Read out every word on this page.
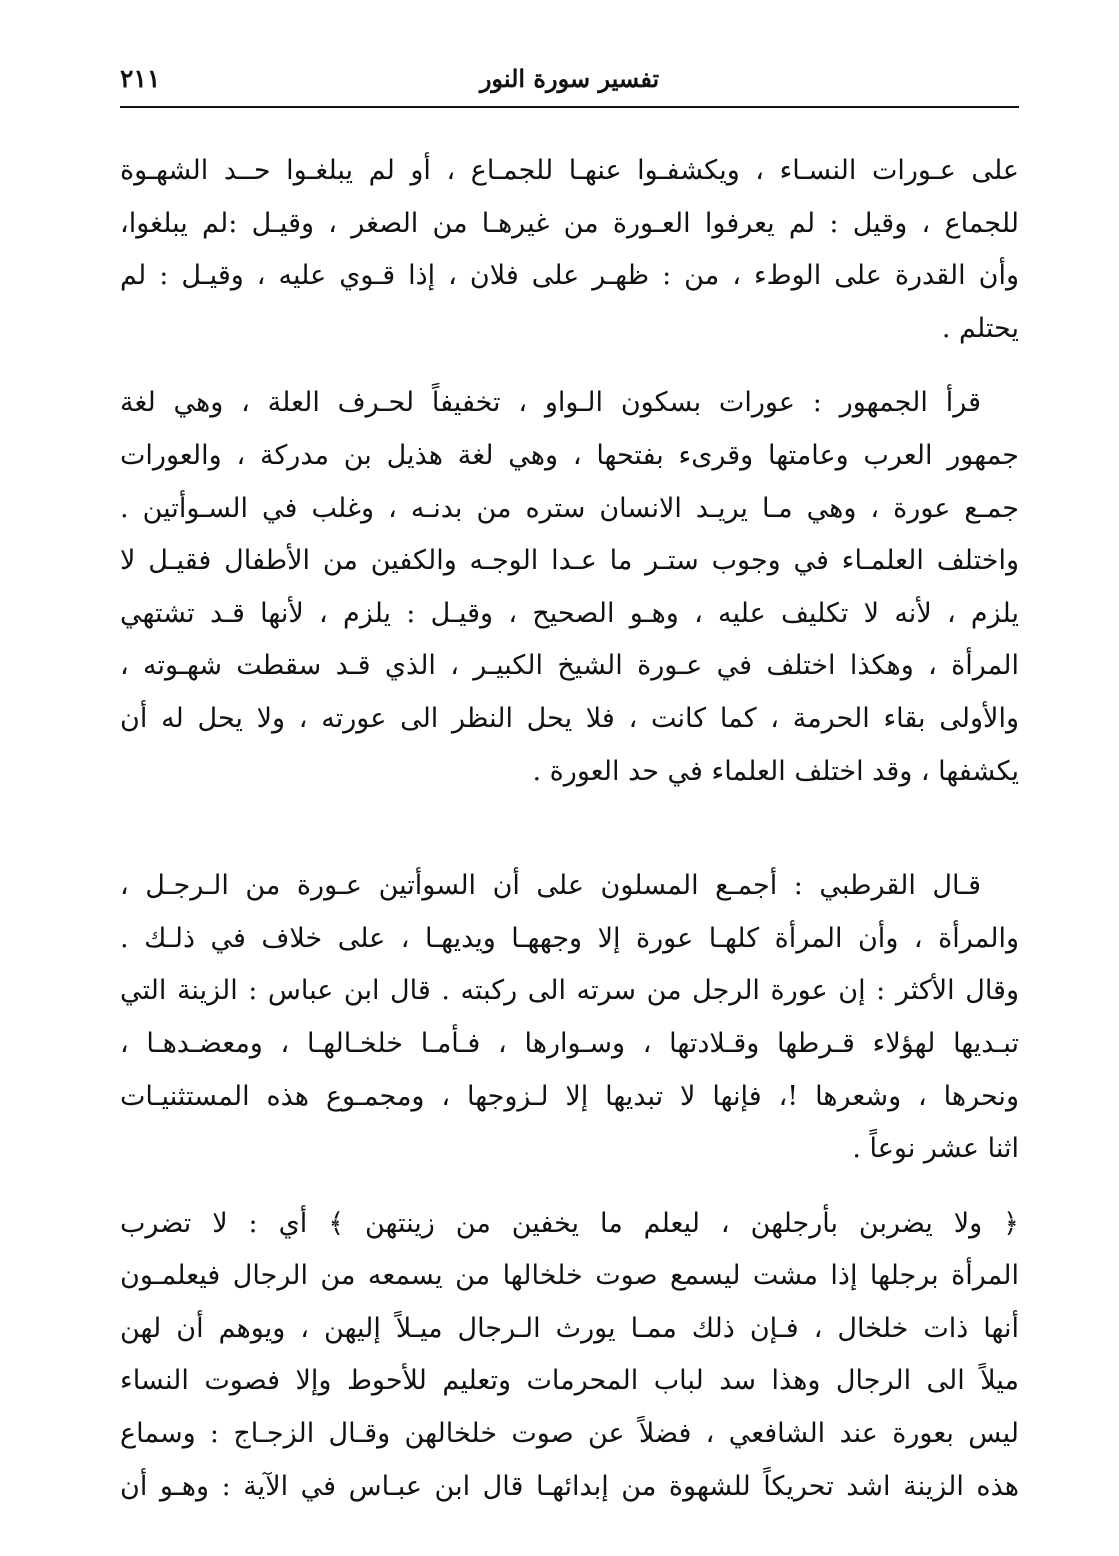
٢١١	تفسير سورة النور
على عـورات النسـاء ، ويكشفـوا عنهـا للجمـاع ، أو لم يبلغـوا حــد الشهـوة
للجماع ، وقيل : لم يعرفوا العـورة من غيرهـا من الصغر ، وقيـل :لم يبلغوا،
وأن القدرة على الوطء ، من : ظهـر على فلان ، إذا قـوي عليه ، وقيـل : لم
يحتلم .
قرأ الجمهور : عورات بسكون الـواو ، تخفيفاً لحـرف العلة ، وهي لغة
جمهور العرب وعامتها وقرىء بفتحها ، وهي لغة هذيل بن مدركة ، والعورات
جمـع عورة ، وهي مـا يريـد الانسان ستره من بدنـه ، وغلب في السـوأتين .
واختلف العلمـاء في وجوب ستـر ما عـدا الوجـه والكفين من الأطفال فقيـل لا
يلزم ، لأنه لا تكليف عليه ، وهـو الصحيح ، وقيـل : يلزم ، لأنها قـد تشتهي
المرأة ، وهكذا اختلف في عـورة الشيخ الكبيـر ، الذي قـد سقطت شهـوته ،
والأولى بقاء الحرمة ، كما كانت ، فلا يحل النظر الى عورته ، ولا يحل له أن
يكشفها ، وقد اختلف العلماء في حد العورة .
قـال القرطبي : أجمـع المسلون على أن السوأتين عـورة من الـرجـل ،
والمرأة ، وأن المرأة كلهـا عورة إلا وجههـا ويديهـا ، على خلاف في ذلـك .
وقال الأكثر : إن عورة الرجل من سرته الى ركبته . قال ابن عباس : الزينة التي
تبـديها لهؤلاء قـرطها وقـلادتها ، وسـوارها ، فـأمـا خلخـالهـا ، ومعضـدهـا ،
ونحرها ، وشعرها !، فإنها لا تبديها إلا لـزوجها ، ومجمـوع هذه المستثنيـات
اثنا عشر نوعاً .
﴿ ولا يضربن بأرجلهن ، ليعلم ما يخفين من زينتهن ﴾ أي : لا تضرب
المرأة برجلها إذا مشت ليسمع صوت خلخالها من يسمعه من الرجال فيعلمـون
أنها ذات خلخال ، فـإن ذلك ممـا يورث الـرجال ميـلاً إليهن ، ويوهم أن لهن
ميلاً الى الرجال وهذا سد لباب المحرمات وتعليم للأحوط وإلا فصوت النساء
ليس بعورة عند الشافعي ، فضلاً عن صوت خلخالهن وقـال الزجـاج : وسماع
هذه الزينة اشد تحريكاً للشهوة من إبدائهـا قال ابن عبـاس في الآية : وهـو أن
